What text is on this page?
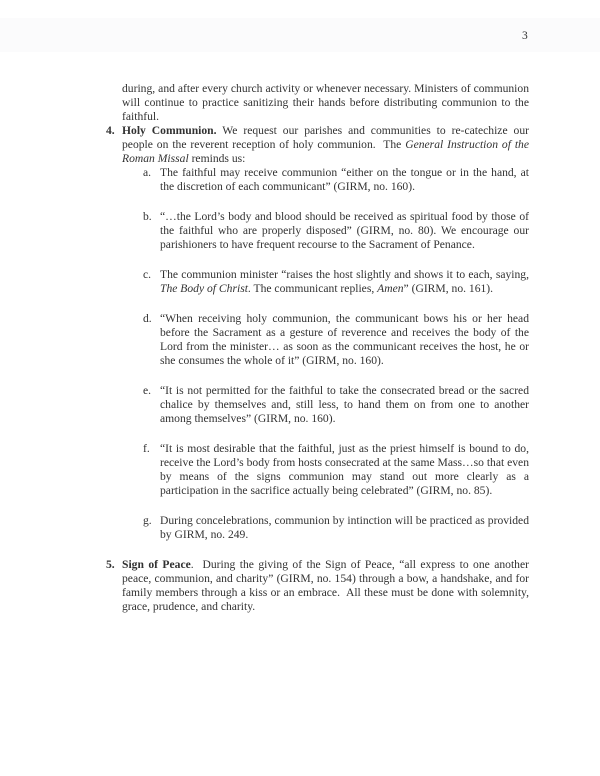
3

during, and after every church activity or whenever necessary. Ministers of communion will continue to practice sanitizing their hands before distributing communion to the faithful.

4. Holy Communion. We request our parishes and communities to re-catechize our people on the reverent reception of holy communion.  The General Instruction of the Roman Missal reminds us:

a. The faithful may receive communion “either on the tongue or in the hand, at the discretion of each communicant” (GIRM, no. 160).

b. “…the Lord’s body and blood should be received as spiritual food by those of the faithful who are properly disposed” (GIRM, no. 80). We encourage our parishioners to have frequent recourse to the Sacrament of Penance.

c. The communion minister “raises the host slightly and shows it to each, saying, The Body of Christ. The communicant replies, Amen” (GIRM, no. 161).

d. “When receiving holy communion, the communicant bows his or her head before the Sacrament as a gesture of reverence and receives the body of the Lord from the minister… as soon as the communicant receives the host, he or she consumes the whole of it” (GIRM, no. 160).

e. “It is not permitted for the faithful to take the consecrated bread or the sacred chalice by themselves and, still less, to hand them on from one to another among themselves” (GIRM, no. 160).

f. “It is most desirable that the faithful, just as the priest himself is bound to do, receive the Lord’s body from hosts consecrated at the same Mass…so that even by means of the signs communion may stand out more clearly as a participation in the sacrifice actually being celebrated” (GIRM, no. 85).

g. During concelebrations, communion by intinction will be practiced as provided by GIRM, no. 249.

5. Sign of Peace.  During the giving of the Sign of Peace, “all express to one another peace, communion, and charity” (GIRM, no. 154) through a bow, a handshake, and for family members through a kiss or an embrace.  All these must be done with solemnity, grace, prudence, and charity.
